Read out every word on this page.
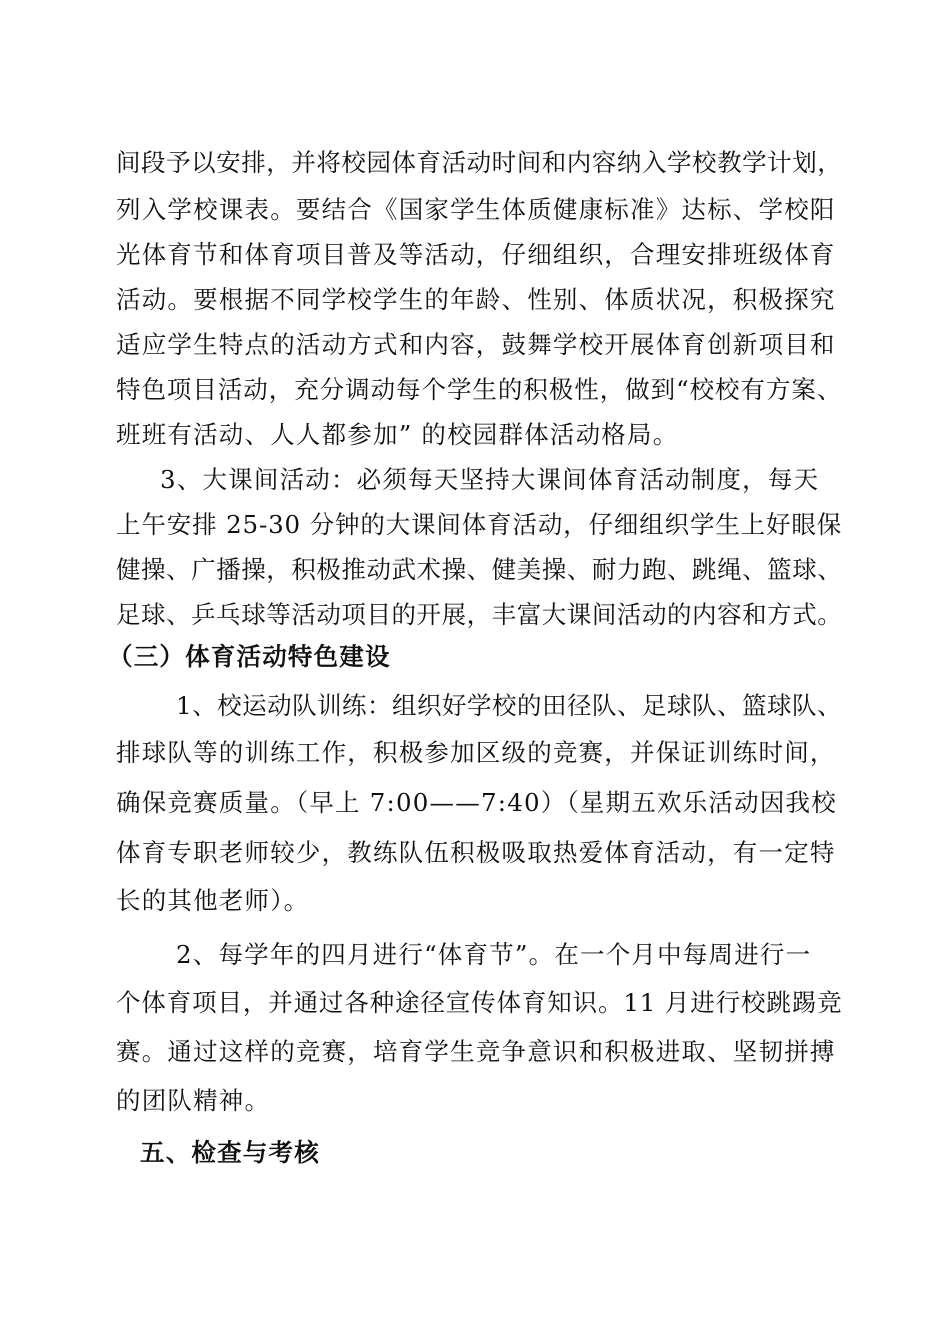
间段予以安排，并将校园体育活动时间和内容纳入学校教学计划，
列入学校课表。要结合《国家学生体质健康标准》达标、学校阳
光体育节和体育项目普及等活动，仔细组织，合理安排班级体育
活动。要根据不同学校学生的年龄、性别、体质状况，积极探究
适应学生特点的活动方式和内容，鼓舞学校开展体育创新项目和
特色项目活动，充分调动每个学生的积极性，做到“校校有方案、
班班有活动、人人都参加” 的校园群体活动格局。
3、大课间活动：必须每天坚持大课间体育活动制度，每天
上午安排 25-30 分钟的大课间体育活动，仔细组织学生上好眼保
健操、广播操，积极推动武术操、健美操、耐力跑、跳绳、篮球、
足球、乒乓球等活动项目的开展，丰富大课间活动的内容和方式。
（三）体育活动特色建设
1、校运动队训练：组织好学校的田径队、足球队、篮球队、
排球队等的训练工作，积极参加区级的竞赛，并保证训练时间，
确保竞赛质量。（早上 7:00——7:40）（星期五欢乐活动因我校
体育专职老师较少，教练队伍积极吸取热爱体育活动，有一定特
长的其他老师）。
2、每学年的四月进行“体育节”。在一个月中每周进行一
个体育项目，并通过各种途径宣传体育知识。11 月进行校跳踢竞
赛。通过这样的竞赛，培育学生竞争意识和积极进取、坚韧拼搏
的团队精神。
五、检查与考核
